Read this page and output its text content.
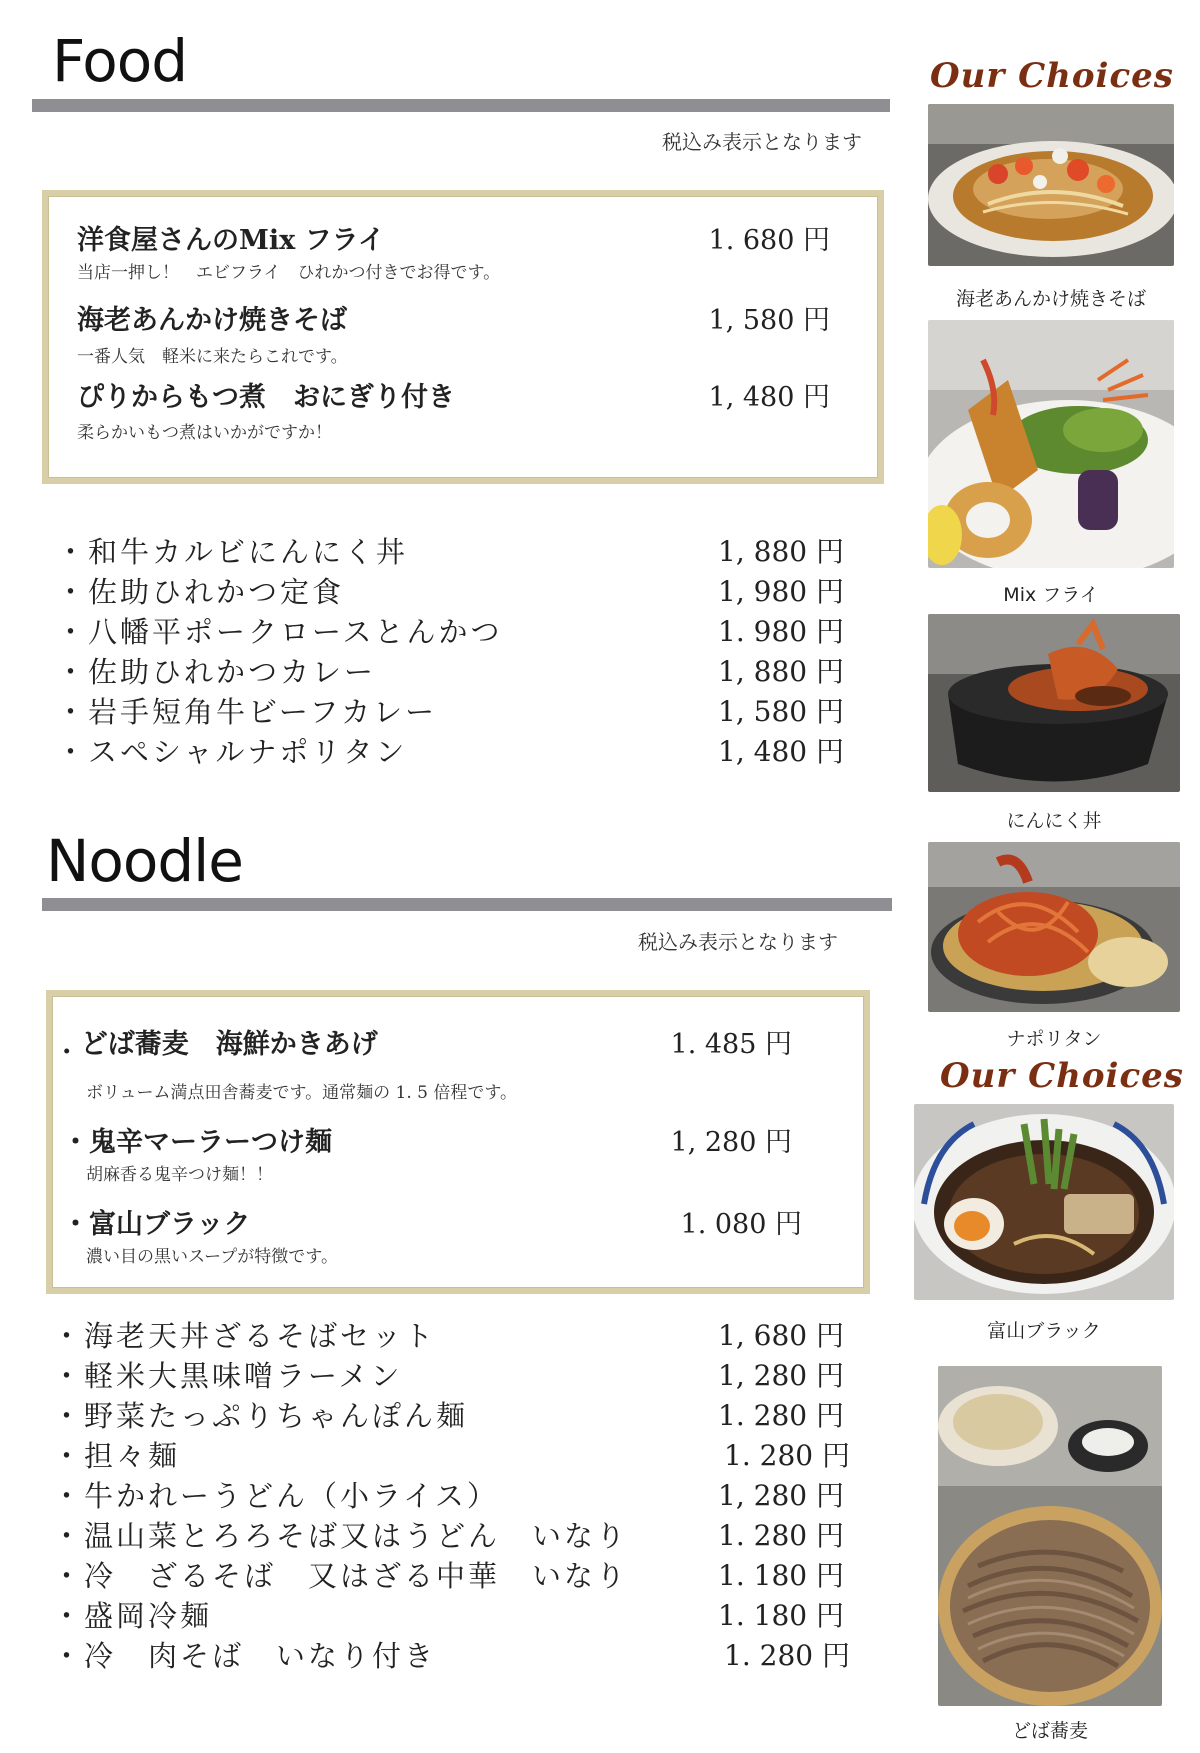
Food
税込み表示となります
洋食屋さんのMix フライ	1. 680 円
当店一押し！　エビフライ　ひれかつ付きでお得です。
海老あんかけ焼きそば	1, 580 円
一番人気　軽米に来たらこれです。
ぴりからもつ煮　おにぎり付き	1, 480 円
柔らかいもつ煮はいかがですか！
・和牛カルビにんにく丼	1, 880 円
・佐助ひれかつ定食	1, 980 円
・八幡平ポークロースとんかつ	1. 980 円
・佐助ひれかつカレー	1, 880 円
・岩手短角牛ビーフカレー	1, 580 円
・スペシャルナポリタン	1, 480 円
Noodle
税込み表示となります
. どば蕎麦　海鮮かきあげ	1. 485 円
ボリューム満点田舎蕎麦です。通常麺の 1. 5 倍程です。
・鬼辛マーラーつけ麺	1, 280 円
胡麻香る鬼辛つけ麺！！
・富山ブラック	1. 080 円
濃い目の黒いスープが特徴です。
・海老天丼ざるそばセット	1, 680 円
・軽米大黒味噌ラーメン	1, 280 円
・野菜たっぷりちゃんぽん麺	1. 280 円
・担々麺	1. 280 円
・牛かれーうどん（小ライス）	1, 280 円
・温山菜とろろそば又はうどん　いなり	1. 280 円
・冷　ざるそば　又はざる中華　いなり	1. 180 円
・盛岡冷麺	1. 180 円
・冷　肉そば　いなり付き	1. 280 円
Our Choices
海老あんかけ焼きそば
Mix フライ
にんにく丼
ナポリタン
Our Choices
富山ブラック
どば蕎麦
